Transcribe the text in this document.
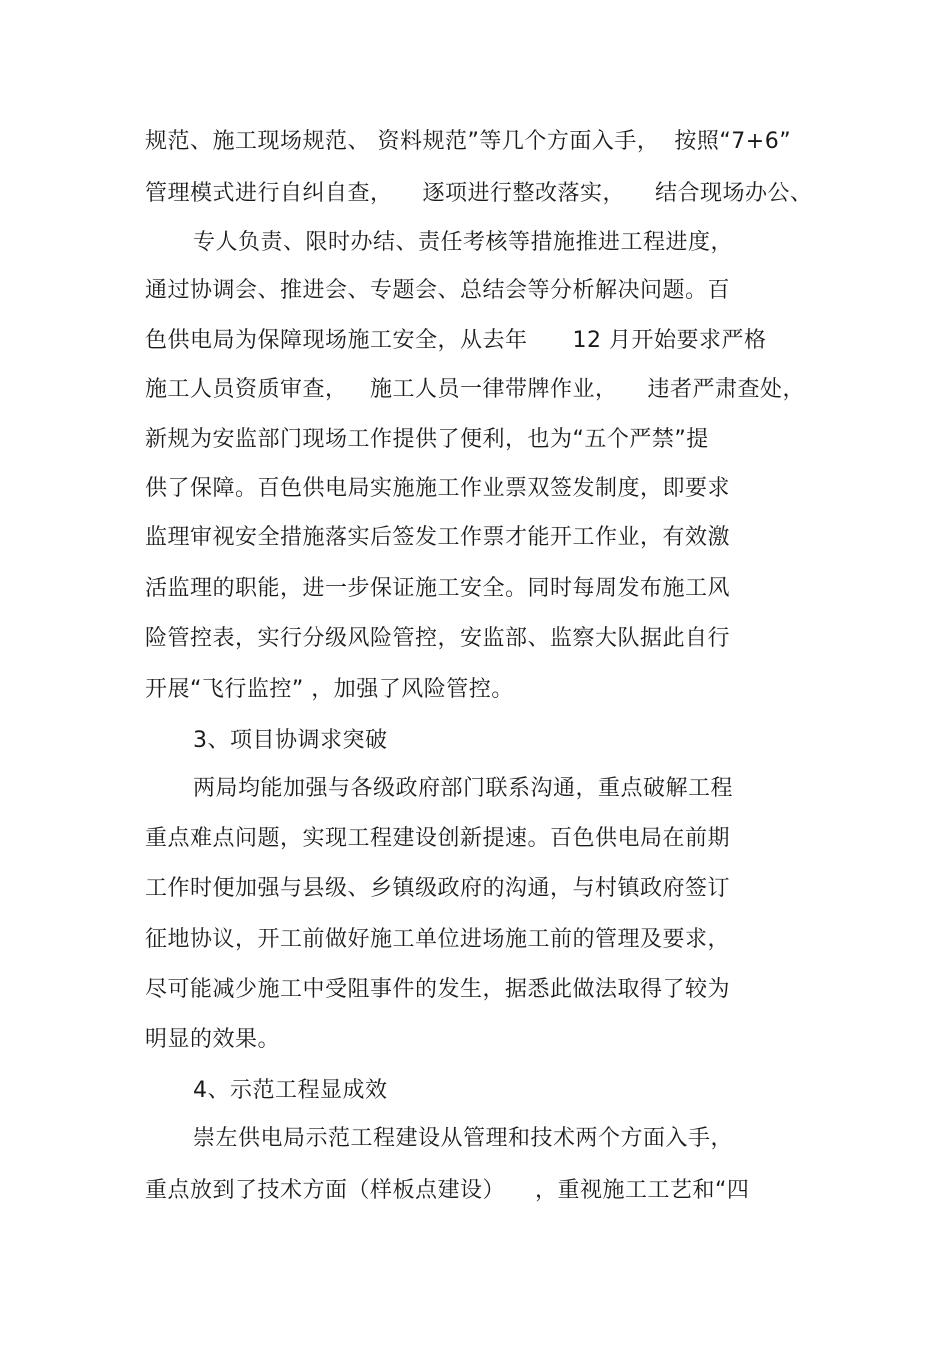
规范、施工现场规范、 资料规范”等几个方面入手，  按照“7+6”
管理模式进行自纠自查，    逐项进行整改落实，    结合现场办公、
专人负责、限时办结、责任考核等措施推进工程进度，
通过协调会、推进会、专题会、总结会等分析解决问题。百
色供电局为保障现场施工安全，从去年      12 月开始要求严格
施工人员资质审查，   施工人员一律带牌作业，    违者严肃查处，
新规为安监部门现场工作提供了便利，也为“五个严禁”提
供了保障。百色供电局实施施工作业票双签发制度，即要求
监理审视安全措施落实后签发工作票才能开工作业，有效激
活监理的职能，进一步保证施工安全。同时每周发布施工风
险管控表，实行分级风险管控，安监部、监察大队据此自行
开展“飞行监控” ，加强了风险管控。
3、项目协调求突破
两局均能加强与各级政府部门联系沟通，重点破解工程
重点难点问题，实现工程建设创新提速。百色供电局在前期
工作时便加强与县级、乡镇级政府的沟通，与村镇政府签订
征地协议，开工前做好施工单位进场施工前的管理及要求，
尽可能减少施工中受阻事件的发生，据悉此做法取得了较为
明显的效果。
4、示范工程显成效
崇左供电局示范工程建设从管理和技术两个方面入手，
重点放到了技术方面（样板点建设）    ，重视施工工艺和“四
